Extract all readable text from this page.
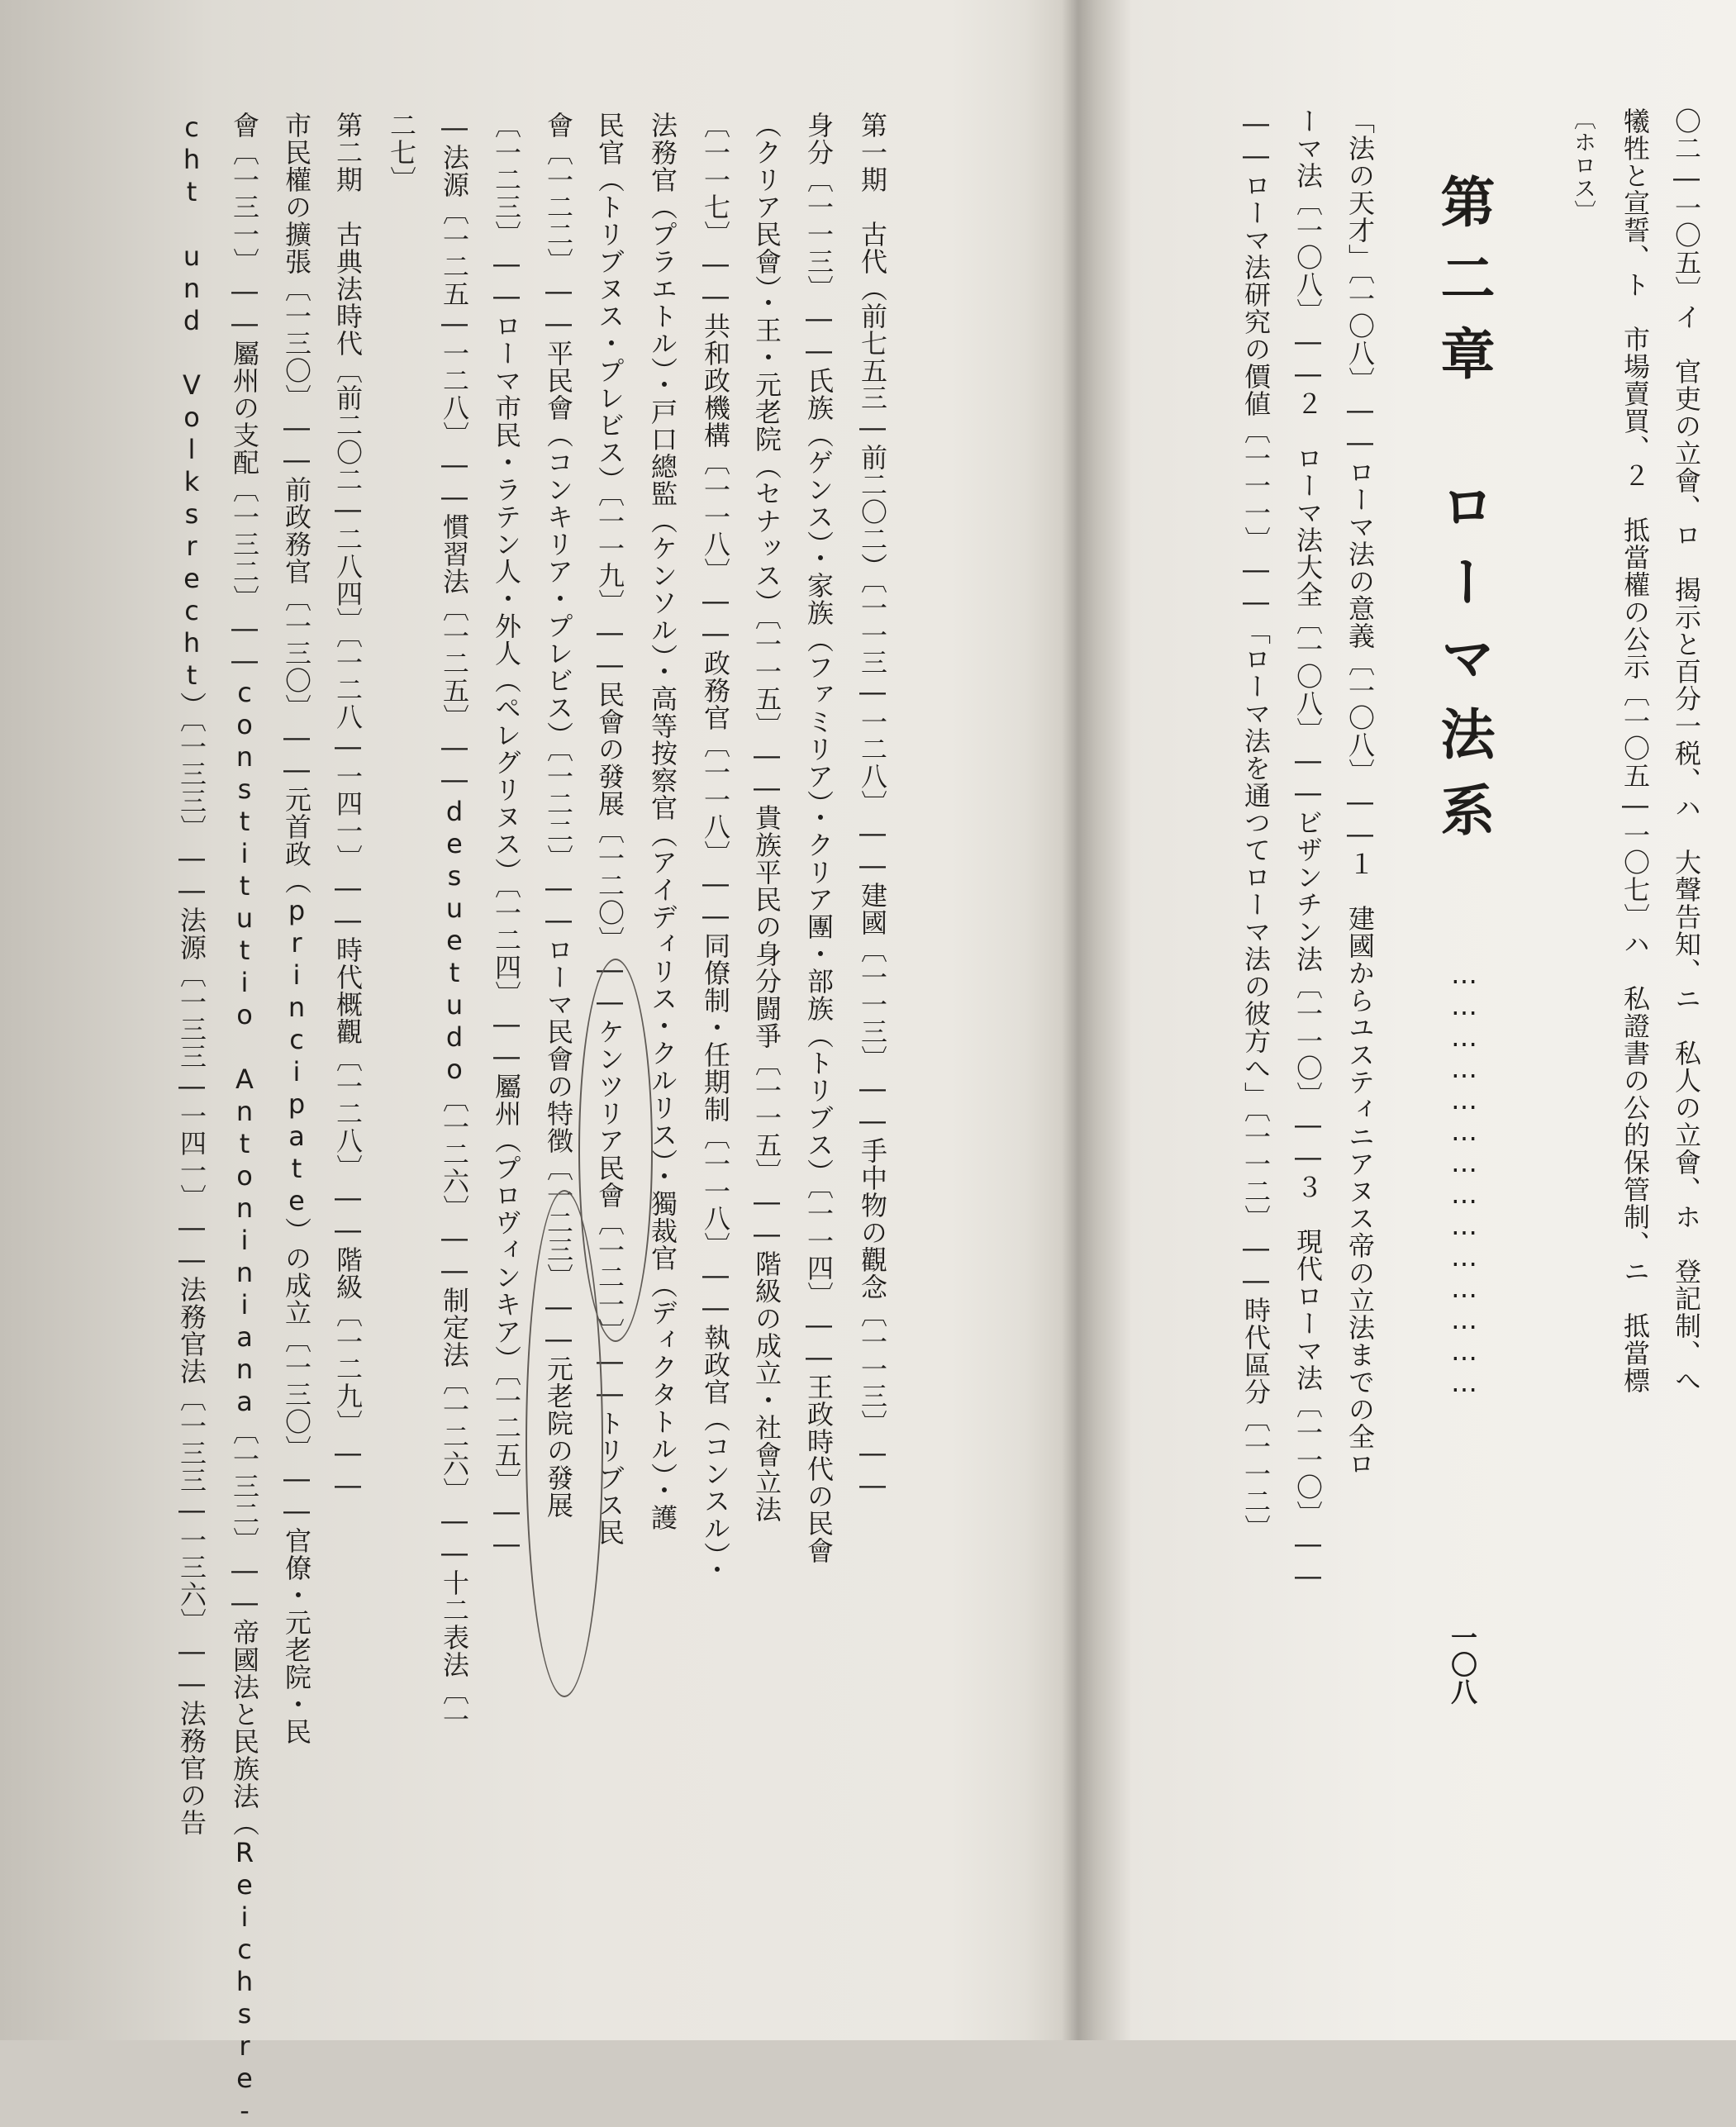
第一期　古代（前七五三―前二〇二）〔一一三―一二八〕――建國〔一一三〕――手中物の觀念〔一一三〕――

身分〔一一三〕――氏族（ゲンス）・家族（ファミリア）・クリア團・部族（トリブス）〔一一四〕――王政時代の民會

（クリア民會）・王・元老院（セナッス）〔一一五〕――貴族平民の身分闘爭〔一一五〕――階級の成立・社會立法

〔一一七〕――共和政機構〔一一八〕――政務官〔一一八〕――同僚制・任期制〔一一八〕――執政官（コンスル）・

法務官（プラエトル）・戸口總監（ケンソル）・高等按察官（アイディリス・クルリス）・獨裁官（ディクタトル）・護

民官（トリブヌス・プレビス）〔一一九〕――民會の發展〔一二〇〕――ケンツリア民會〔一二一〕――トリブス民

會〔一二二〕――平民會（コンキリア・プレビス）〔一二二〕――ローマ民會の特徴〔一二三〕――元老院の發展

〔一二三〕――ローマ市民・ラテン人・外人（ペレグリヌス）〔一二四〕――屬州（プロヴィンキア）〔一二五〕――

―法源〔一二五―一二八〕――慣習法〔一二五〕――desuetudo〔一二六〕――制定法〔一二六〕――十二表法〔一

二七〕

第二期　古典法時代〔前二〇二―二八四〕〔一二八―一四一〕――時代概觀〔一二八〕――階級〔一二九〕――

市民權の擴張〔一三〇〕――前政務官〔一三〇〕――元首政（principate）の成立〔一三〇〕――官僚・元老院・民

會〔一三一〕――屬州の支配〔一三二〕――constitutio Antoniniana〔一三二〕――帝國法と民族法（Reichsre-

cht und Volksrecht）〔一三三〕――法源〔一三三―一四一〕――法務官法〔一三三―一三六〕――法務官の告	〇二―一〇五〕イ　官吏の立會、ロ　揭示と百分一税、ハ　大聲告知、ニ　私人の立會、ホ　登記制、へ

犧牲と宣誓、ト　市場賣買、２　抵當權の公示〔一〇五―一〇七〕ハ　私證書の公的保管制、ニ　抵當標

〔ホロス〕

第二章　ローマ法系

……………………………………

一〇八

「法の天才」〔一〇八〕――ローマ法の意義〔一〇八〕――１　建國からユスティニアヌス帝の立法までの全ロ

ーマ法〔一〇八〕――２　ローマ法大全〔一〇八〕――ビザンチン法〔一一〇〕――３　現代ローマ法〔一一〇〕――

――ローマ法研究の價値〔一一一〕――「ローマ法を通つてローマ法の彼方へ」〔一一二〕――時代區分〔一一二〕
